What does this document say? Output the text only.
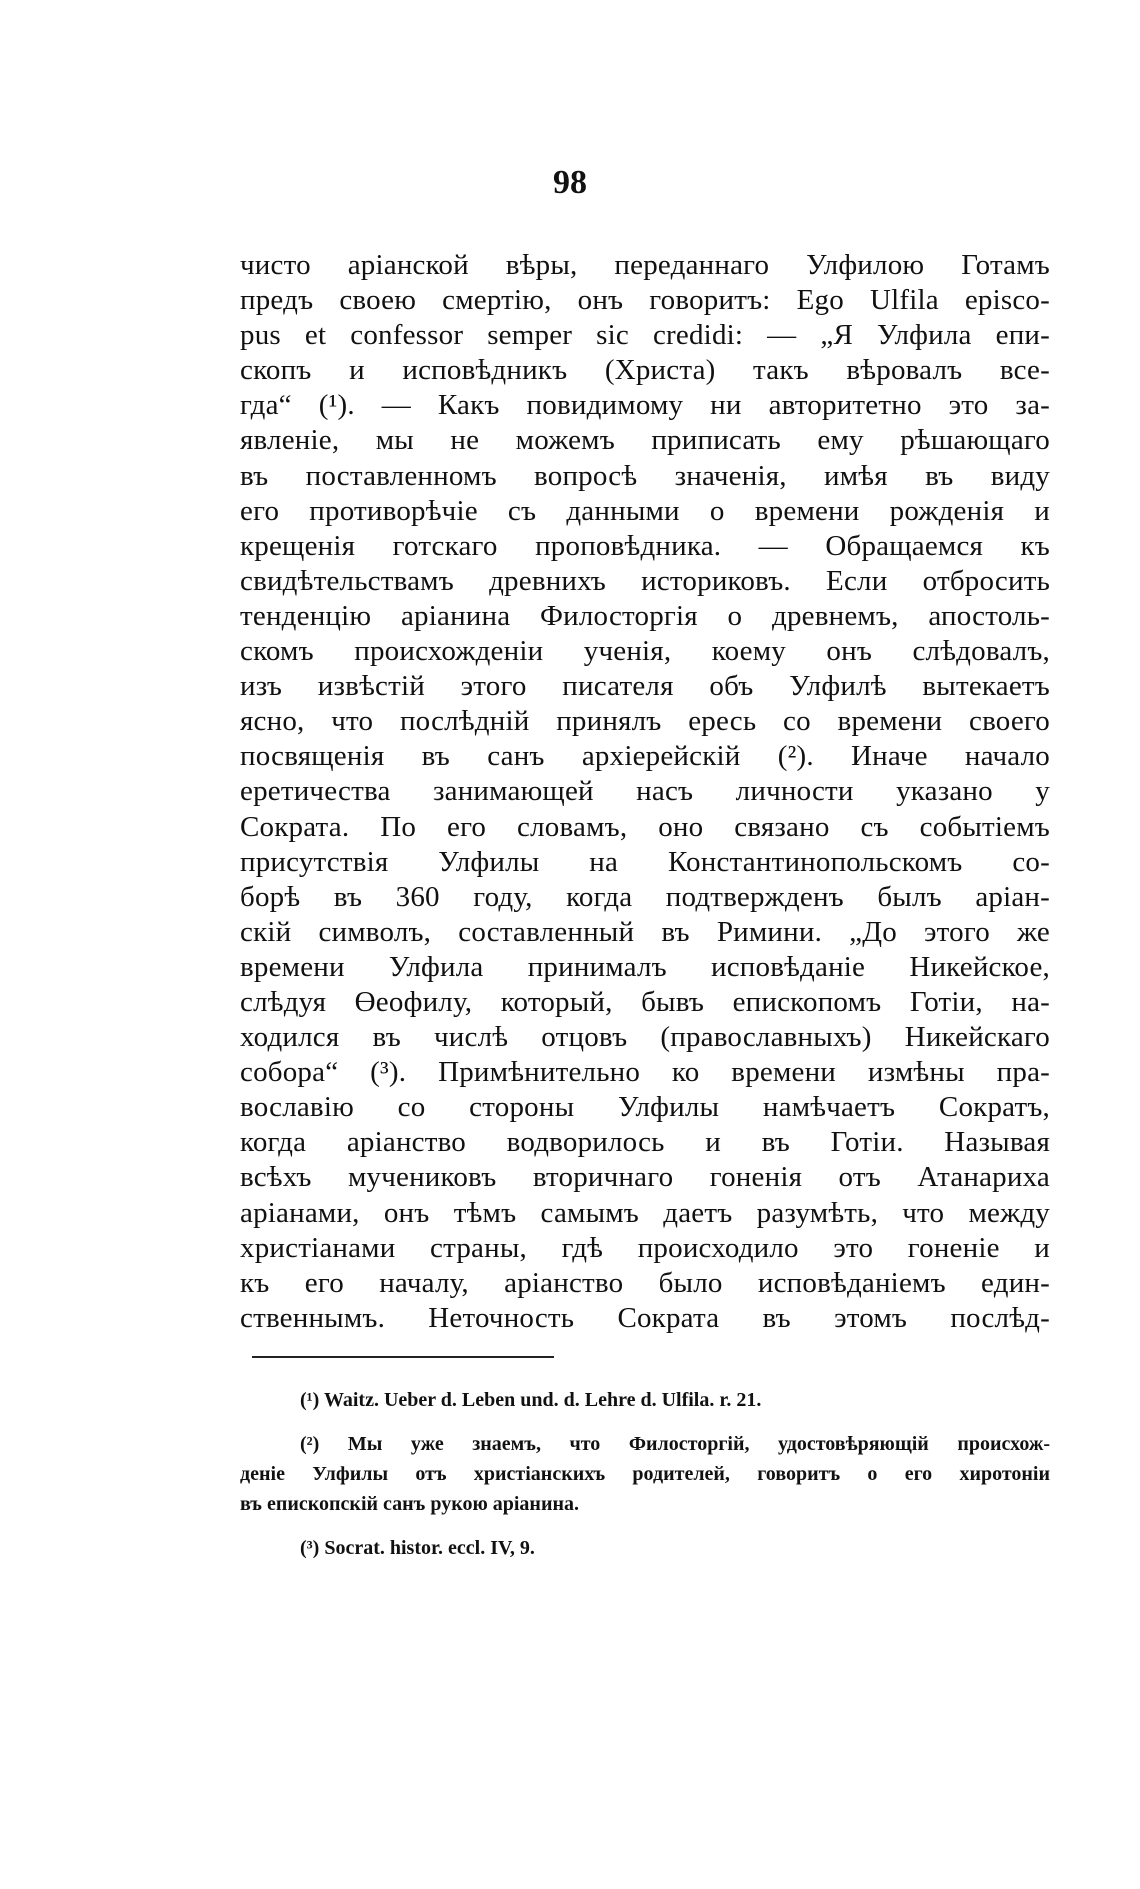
98
чисто аріанской вѣры, переданнаго Улфилою Готамъ
предъ своею смертію, онъ говоритъ: Ego Ulfila episco-
pus et confessor semper sic credidi: — „Я Улфила епи-
скопъ и исповѣдникъ (Христа) такъ вѣровалъ все-
гда“ (¹). — Какъ повидимому ни авторитетно это за-
явленіе, мы не можемъ приписать ему рѣшающаго
въ поставленномъ вопросѣ значенія, имѣя въ виду
его противорѣчіе съ данными о времени рожденія и
крещенія готскаго проповѣдника. — Обращаемся къ
свидѣтельствамъ древнихъ историковъ. Если отбросить
тенденцію аріанина Филосторгія о древнемъ, апостоль-
скомъ происхожденіи ученія, коему онъ слѣдовалъ,
изъ извѣстій этого писателя объ Улфилѣ вытекаетъ
ясно, что послѣдній принялъ ересь со времени своего
посвященія въ санъ архіерейскій (²). Иначе начало
еретичества занимающей насъ личности указано у
Сократа. По его словамъ, оно связано съ событіемъ
присутствія Улфилы на Константинопольскомъ со-
борѣ въ 360 году, когда подтвержденъ былъ аріан-
скій символъ, составленный въ Римини. „До этого же
времени Улфила принималъ исповѣданіе Никейское,
слѣдуя Өеофилу, который, бывъ епископомъ Готіи, на-
ходился въ числѣ отцовъ (православныхъ) Никейскаго
собора“ (³). Примѣнительно ко времени измѣны пра-
вославію со стороны Улфилы намѣчаетъ Сократъ,
когда аріанство водворилось и въ Готіи. Называя
всѣхъ мучениковъ вторичнаго гоненія отъ Атанариха
аріанами, онъ тѣмъ самымъ даетъ разумѣть, что между
христіанами страны, гдѣ происходило это гоненіе и
къ его началу, аріанство было исповѣданіемъ един-
ственнымъ. Неточность Сократа въ этомъ послѣд-
(¹) Waitz. Ueber d. Leben und. d. Lehre d. Ulfila. r. 21.
(²) Мы уже знаемъ, что Филосторгій, удостовѣряющій происхож-
деніе Улфилы отъ христіанскихъ родителей, говоритъ о его хиротоніи
въ епископскій санъ рукою аріанина.
(³) Socrat. histor. eccl. IV, 9.
